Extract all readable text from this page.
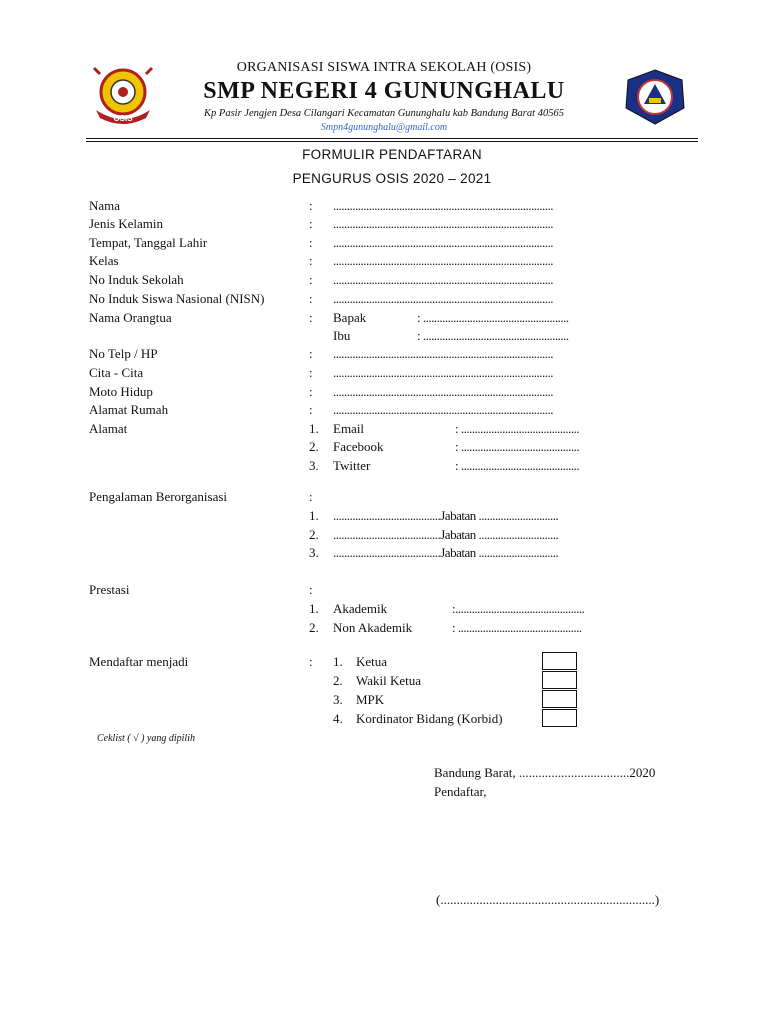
OSIS
ORGANISASI SISWA INTRA SEKOLAH (OSIS)
SMP NEGERI 4 GUNUNGHALU
Kp Pasir Jengjen Desa Cilangari Kecamatan Gununghalu kab Bandung Barat 40565
Smpn4gununghalu@gmail.com
FORMULIR PENDAFTARAN
PENGURUS OSIS 2020 – 2021
Nama	: ................................................................................
Jenis Kelamin	: ................................................................................
Tempat, Tanggal Lahir	: ................................................................................
Kelas	: ................................................................................
No Induk Sekolah	: ................................................................................
No Induk Siswa Nasional (NISN)	: ................................................................................
Nama Orangtua	: Bapak	: .....................................................
Ibu	: .....................................................
No Telp / HP	: ................................................................................
Cita - Cita	: ................................................................................
Moto Hidup	: ................................................................................
Alamat Rumah	: ................................................................................
Alamat	1. Email	: ...........................................
2. Facebook	: ...........................................
3. Twitter	: ...........................................
Pengalaman Berorganisasi	:
1. .......................................Jabatan .............................
2. .......................................Jabatan .............................
3. .......................................Jabatan .............................
Prestasi	:
1. Akademik	:...............................................
2. Non Akademik	: .............................................
Mendaftar menjadi	: 1. Ketua
2. Wakil Ketua
3. MPK
4. Kordinator Bidang (Korbid)
Ceklist ( √ ) yang dipilih
Bandung Barat, ..................................2020
Pendaftar,
(..................................................................)
